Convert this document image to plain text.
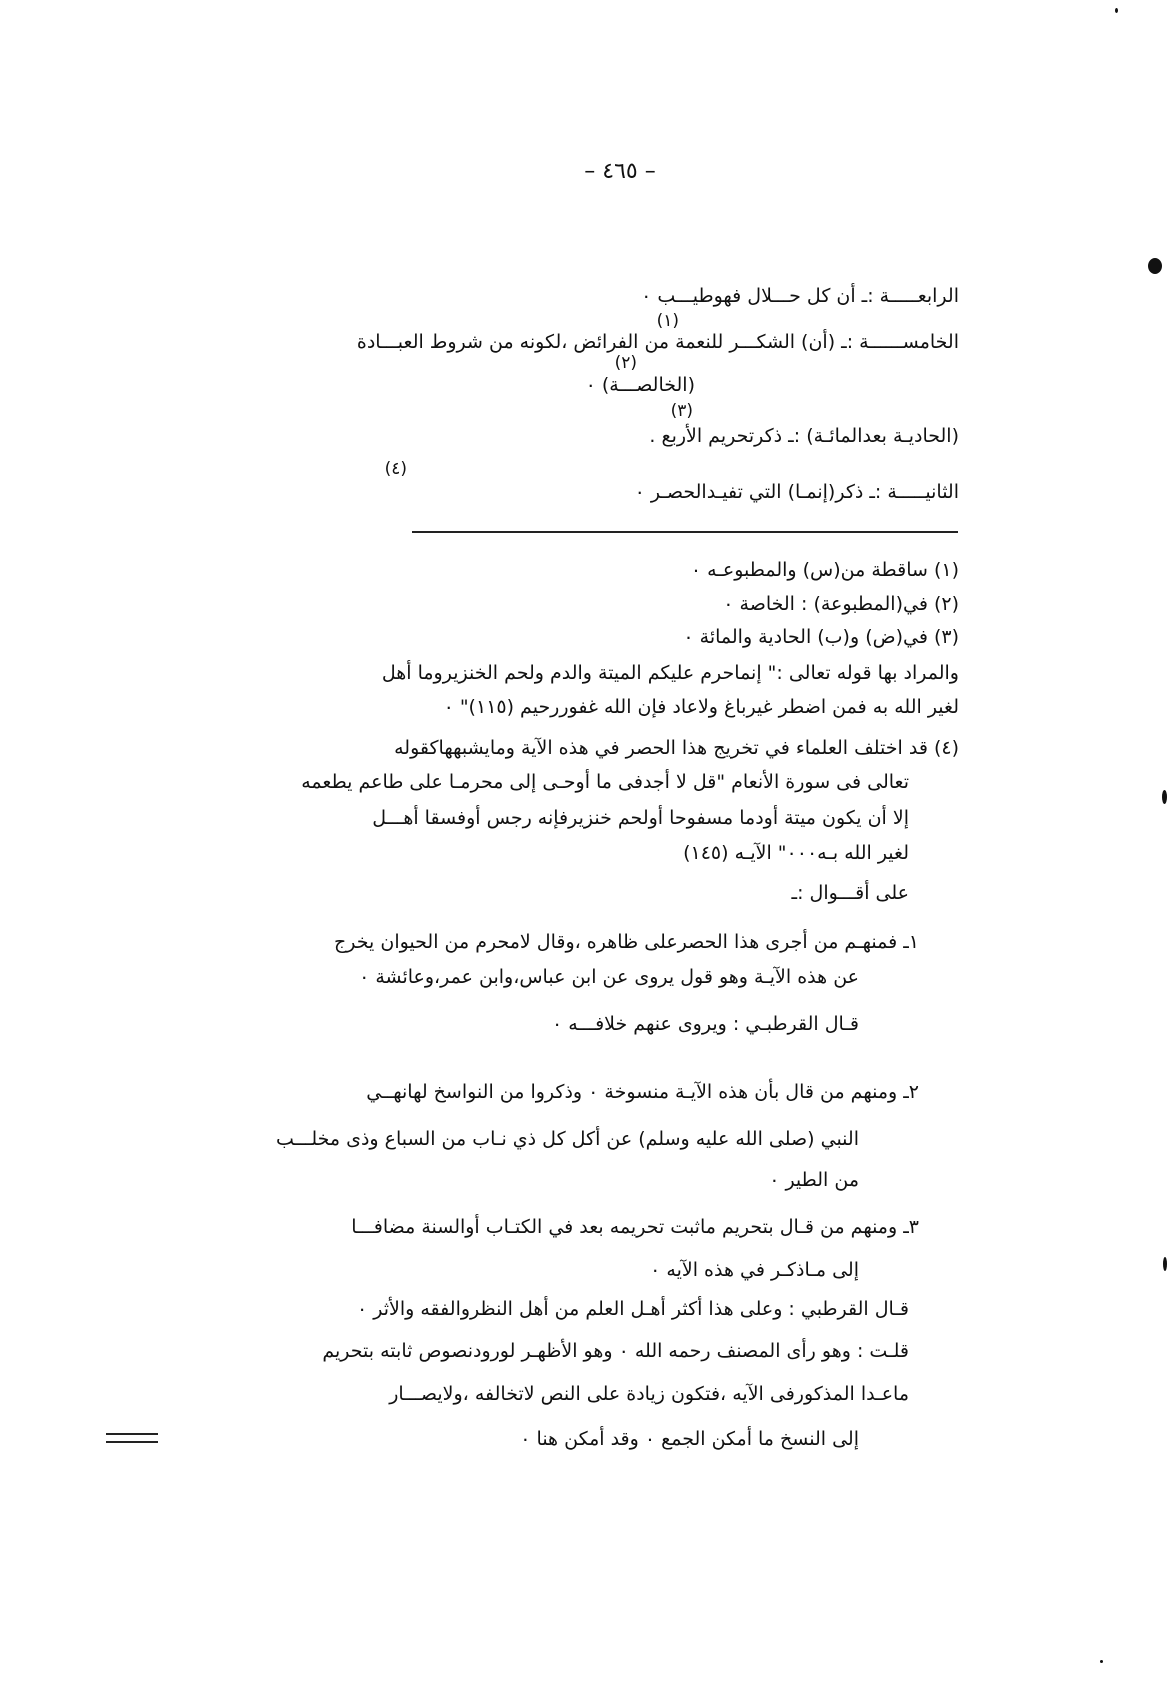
– ٤٦٥ –
الرابعـــــة :ـ أن كل حـــلال فهوطيـــب ٠
(١)
الخامســــــة :ـ (أن) الشكـــر للنعمة من الفرائض ،لكونه من شروط العبـــادة
(٢)
(الخالصـــة) ٠
(٣)
(الحاديـة بعدالمائـة) :ـ ذكرتحريم الأربع .
(٤)
الثانيـــــة :ـ ذكر(إنمـا) التي تفيـدالحصـر ٠
(١) ساقطة من(س) والمطبوعـه ٠
(٢) في(المطبوعة) : الخاصة ٠
(٣) في(ض) و(ب) الحادية والمائة ٠
والمراد بها قوله تعالى :" إنماحرم عليكم الميتة والدم ولحم الخنزيروما أهل
لغير الله به فمن اضطر غيرباغ ولاعاد فإن الله غفوررحيم (١١٥)" ٠
(٤) قد اختلف العلماء في تخريج هذا الحصر في هذه الآية ومايشبههاكقوله
تعالى فى سورة الأنعام "قل لا أجدفى ما أوحـى إلى محرمـا على طاعم يطعمه
إلا أن يكون ميتة أودما مسفوحا أولحم خنزيرفإنه رجس أوفسقا أهـــل
لغير الله بـه٠٠٠" الآيـه (١٤٥)
على أقـــوال :ـ
١ـ فمنهـم من أجرى هذا الحصرعلى ظاهره ،وقال لامحرم من الحيوان يخرج
عن هذه الآيـة وهو قول يروى عن ابن عباس،وابن عمر،وعائشة ٠
قـال القرطبـي : ويروى عنهم خلافـــه ٠
٢ـ ومنهم من قال بأن هذه الآيـة منسوخة ٠ وذكروا من النواسخ لهانهــي
النبي (صلى الله عليه وسلم) عن أكل كل ذي نـاب من السباع وذى مخلـــب
من الطير ٠
٣ـ ومنهم من قـال بتحريم ماثبت تحريمه بعد في الكتـاب أوالسنة مضافـــا
إلى مـاذكـر في هذه الآيه ٠
قـال القرطبي : وعلى هذا أكثر أهـل العلم من أهل النظروالفقه والأثر ٠
قلـت : وهو رأى المصنف رحمه الله ٠ وهو الأظهـر لورودنصوص ثابته بتحريم
ماعـدا المذكورفى الآيه ،فتكون زيادة على النص لاتخالفه ،ولايصـــار
إلى النسخ ما أمكن الجمع ٠ وقد أمكن هنا ٠
